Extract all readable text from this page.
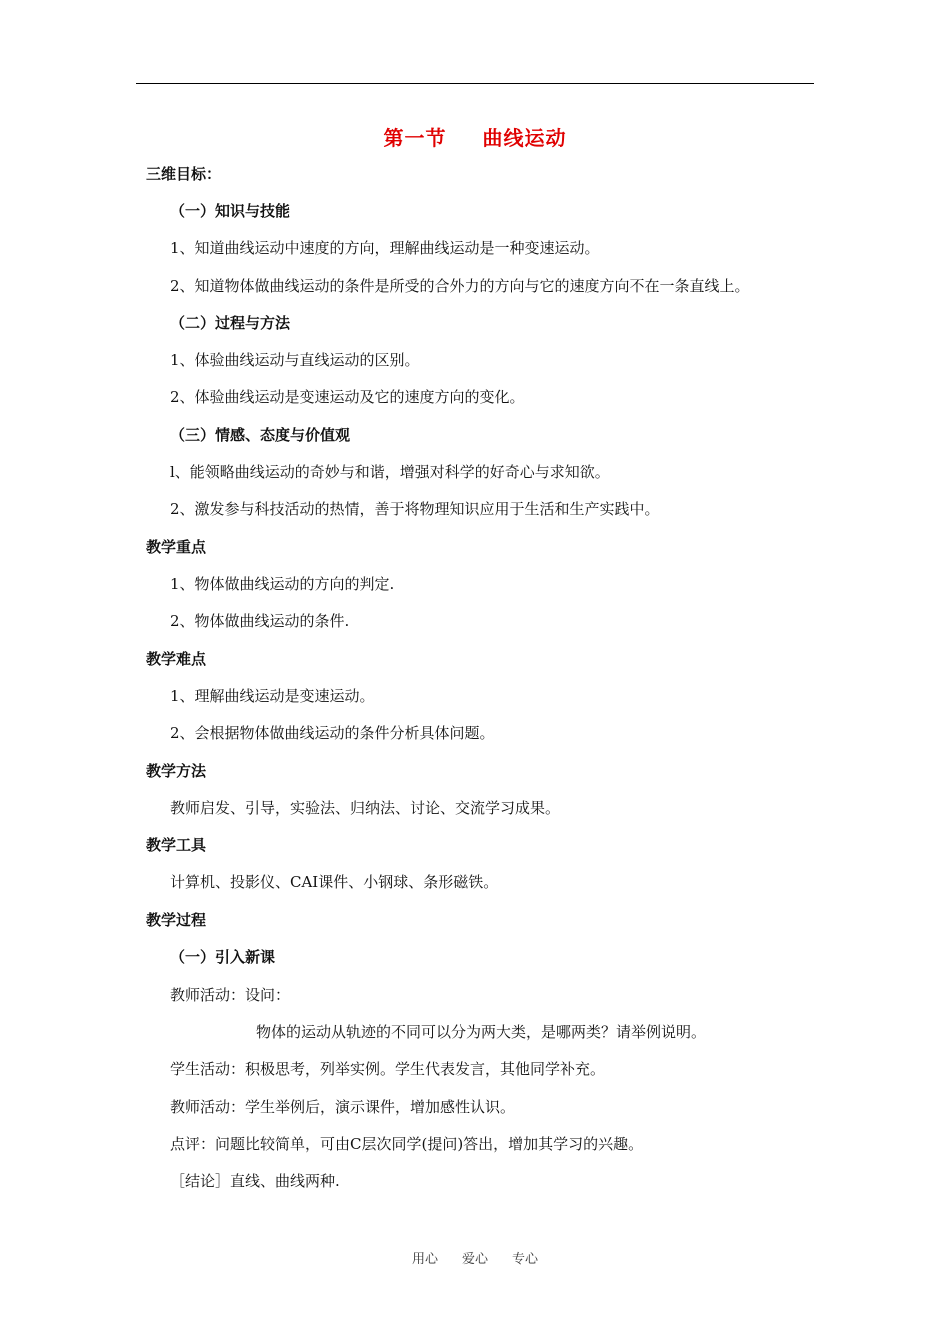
第一节 曲线运动
三维目标：
（一）知识与技能
1、知道曲线运动中速度的方向，理解曲线运动是一种变速运动。
2、知道物体做曲线运动的条件是所受的合外力的方向与它的速度方向不在一条直线上。
（二）过程与方法
1、体验曲线运动与直线运动的区别。
2、体验曲线运动是变速运动及它的速度方向的变化。
（三）情感、态度与价值观
l、能领略曲线运动的奇妙与和谐，增强对科学的好奇心与求知欲。
2、激发参与科技活动的热情，善于将物理知识应用于生活和生产实践中。
教学重点
1、物体做曲线运动的方向的判定.
2、物体做曲线运动的条件.
教学难点
1、理解曲线运动是变速运动。
2、会根据物体做曲线运动的条件分析具体问题。
教学方法
教师启发、引导，实验法、归纳法、讨论、交流学习成果。
教学工具
计算机、投影仪、CAI课件、小钢球、条形磁铁。
教学过程
（一）引入新课
教师活动：设问：
物体的运动从轨迹的不同可以分为两大类，是哪两类？请举例说明。
学生活动：积极思考，列举实例。学生代表发言，其他同学补充。
教师活动：学生举例后，演示课件，增加感性认识。
点评：问题比较简单，可由C层次同学(提问)答出，增加其学习的兴趣。
［结论］直线、曲线两种.
用心 爱心 专心
